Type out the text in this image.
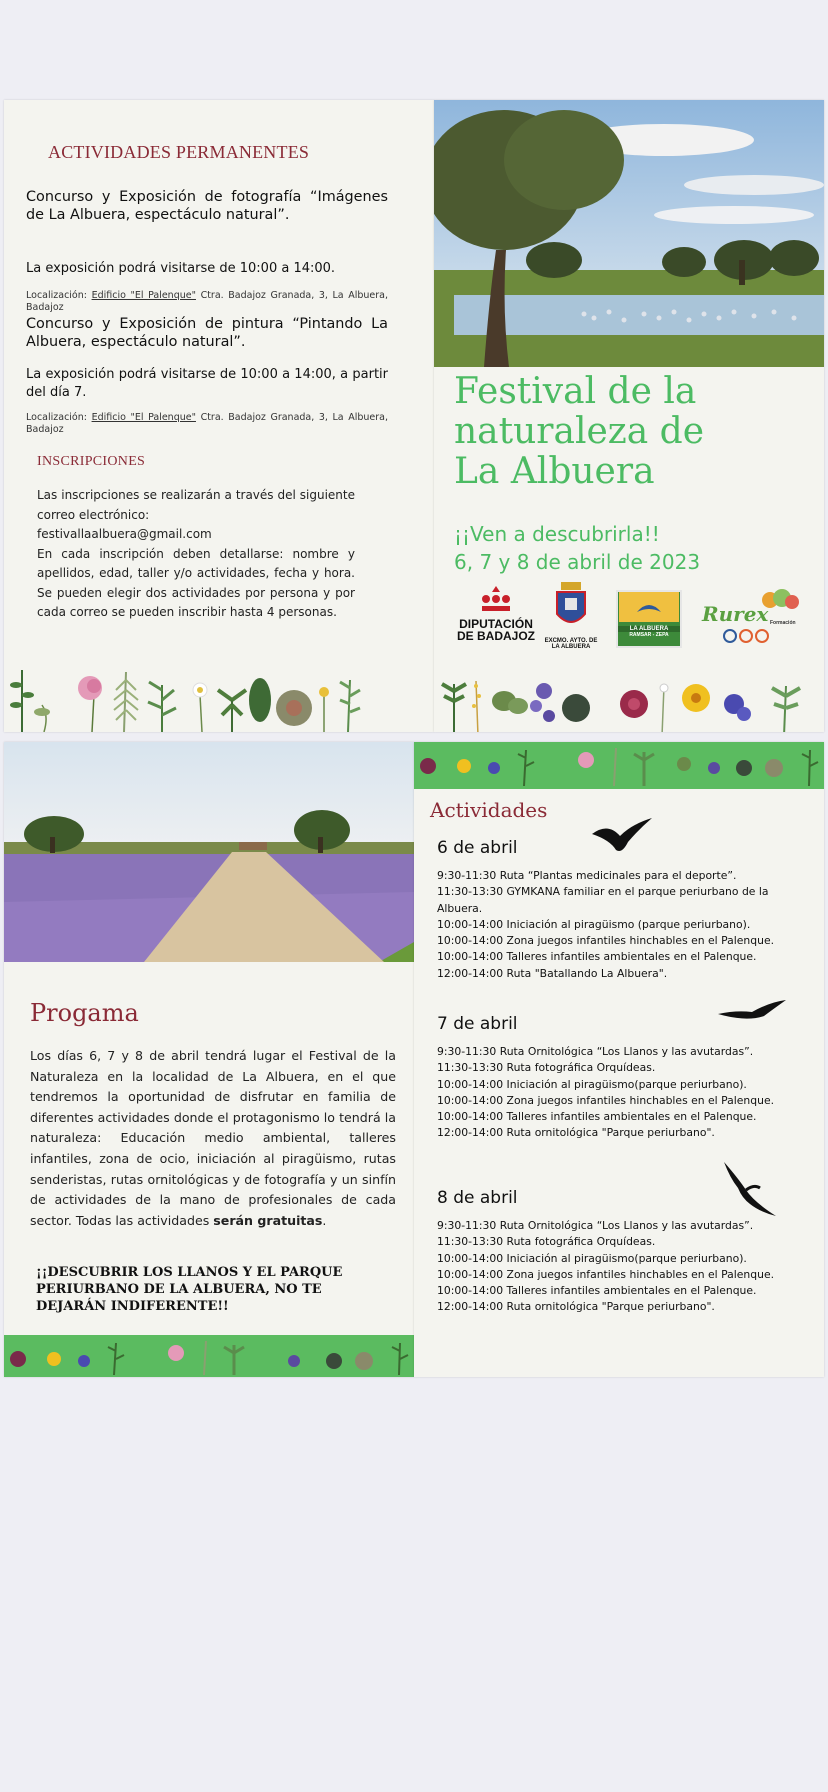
ACTIVIDADES PERMANENTES
Concurso y Exposición de fotografía “Imágenes de La Albuera, espectáculo natural”.
La exposición podrá visitarse de 10:00 a 14:00.
Localización: Edificio "El Palenque" Ctra. Badajoz Granada, 3, La Albuera, Badajoz
Concurso y Exposición de pintura “Pintando La Albuera, espectáculo natural”.
La exposición podrá visitarse de 10:00 a 14:00, a partir del día 7.
Localización: Edificio "El Palenque" Ctra. Badajoz Granada, 3, La Albuera, Badajoz
INSCRIPCIONES
Las inscripciones se realizarán a través del siguiente correo electrónico:
festivallaalbuera@gmail.com
En cada inscripción deben detallarse: nombre y apellidos, edad, taller y/o actividades, fecha y hora. Se pueden elegir dos actividades por persona y por cada correo se pueden inscribir hasta 4 personas.
Festival de la
naturaleza de
La Albuera
¡¡Ven a descubrirla!!
6, 7 y 8 de abril de 2023
DIPUTACIÓN
DE BADAJOZ	EXCMO. AYTO. DE
LA ALBUERA
LA ALBUERA
RAMSAR - ZEPA
Rurex Formación
Progama
Los días 6, 7 y 8 de abril tendrá lugar el Festival de la Naturaleza en la localidad de La Albuera, en el que tendremos la oportunidad de disfrutar en familia de diferentes actividades donde el protagonismo lo tendrá la naturaleza: Educación medio ambiental, talleres infantiles, zona de ocio, iniciación al piragüismo, rutas senderistas, rutas ornitológicas y de fotografía y un sinfín de actividades de la mano de profesionales de cada sector. Todas las actividades serán gratuitas.
¡¡DESCUBRIR LOS LLANOS Y EL PARQUE PERIURBANO DE LA ALBUERA, NO TE DEJARÁN INDIFERENTE!!
Actividades
6 de abril
9:30-11:30 Ruta “Plantas medicinales para el deporte”.
11:30-13:30 GYMKANA familiar en el parque periurbano de la Albuera.
10:00-14:00 Iniciación al piragüismo (parque periurbano).
10:00-14:00 Zona juegos infantiles hinchables en el Palenque.
10:00-14:00 Talleres infantiles ambientales en el Palenque.
12:00-14:00 Ruta "Batallando La Albuera".
7 de abril
9:30-11:30 Ruta Ornitológica “Los Llanos y las avutardas”.
11:30-13:30 Ruta fotográfica Orquídeas.
10:00-14:00 Iniciación al piragüismo(parque periurbano).
10:00-14:00 Zona juegos infantiles hinchables en el Palenque.
10:00-14:00 Talleres infantiles ambientales en el Palenque.
12:00-14:00 Ruta ornitológica "Parque periurbano".
8 de abril
9:30-11:30 Ruta Ornitológica “Los Llanos y las avutardas”.
11:30-13:30 Ruta fotográfica Orquídeas.
10:00-14:00 Iniciación al piragüismo(parque periurbano).
10:00-14:00 Zona juegos infantiles hinchables en el Palenque.
10:00-14:00 Talleres infantiles ambientales en el Palenque.
12:00-14:00 Ruta ornitológica "Parque periurbano".
